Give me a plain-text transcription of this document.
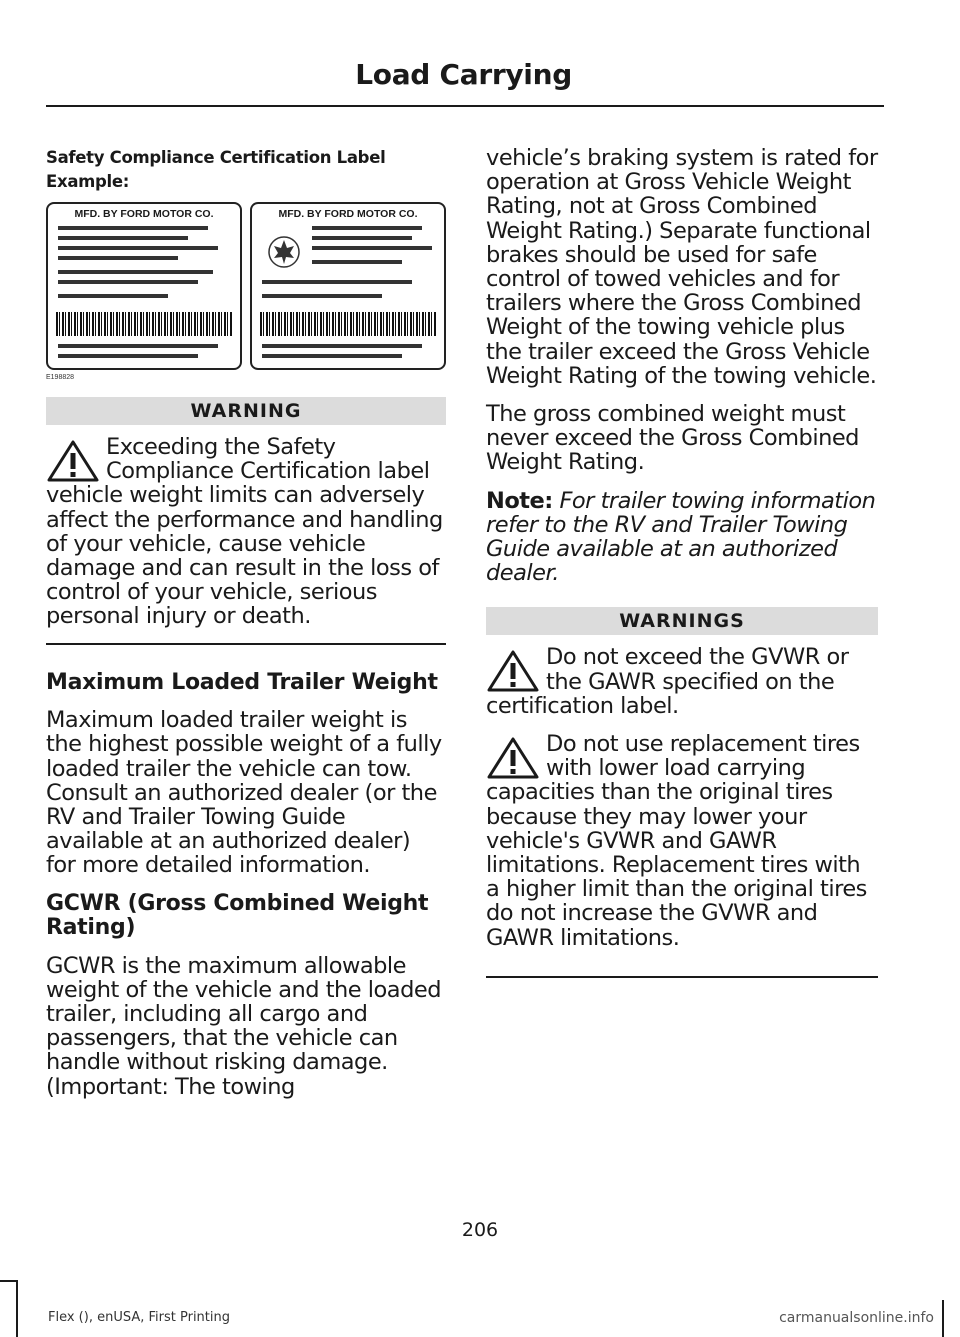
Load Carrying

Safety Compliance Certification Label

Example:

MFD. BY FORD MOTOR CO.	MFD. BY FORD MOTOR CO.
E198828
WARNING
Exceeding the Safety Compliance Certification label vehicle weight limits can adversely affect the performance and handling of your vehicle, cause vehicle damage and can result in the loss of control of your vehicle, serious personal injury or death.
Maximum Loaded Trailer Weight

Maximum loaded trailer weight is the highest possible weight of a fully loaded trailer the vehicle can tow. Consult an authorized dealer (or the RV and Trailer Towing Guide available at an authorized dealer) for more detailed information.

GCWR (Gross Combined Weight Rating)

GCWR is the maximum allowable weight of the vehicle and the loaded trailer, including all cargo and passengers, that the vehicle can handle without risking damage. (Important: The towing

vehicle’s braking system is rated for operation at Gross Vehicle Weight Rating, not at Gross Combined Weight Rating.) Separate functional brakes should be used for safe control of towed vehicles and for trailers where the Gross Combined Weight of the towing vehicle plus the trailer exceed the Gross Vehicle Weight Rating of the towing vehicle.

The gross combined weight must never exceed the Gross Combined Weight Rating.

Note: For trailer towing information refer to the RV and Trailer Towing Guide available at an authorized dealer.

WARNINGS
Do not exceed the GVWR or the GAWR specified on the certification label.
Do not use replacement tires with lower load carrying capacities than the original tires because they may lower your vehicle's GVWR and GAWR limitations. Replacement tires with a higher limit than the original tires do not increase the GVWR and GAWR limitations.
206
Flex (), enUSA, First Printing	carmanualsonline.info
